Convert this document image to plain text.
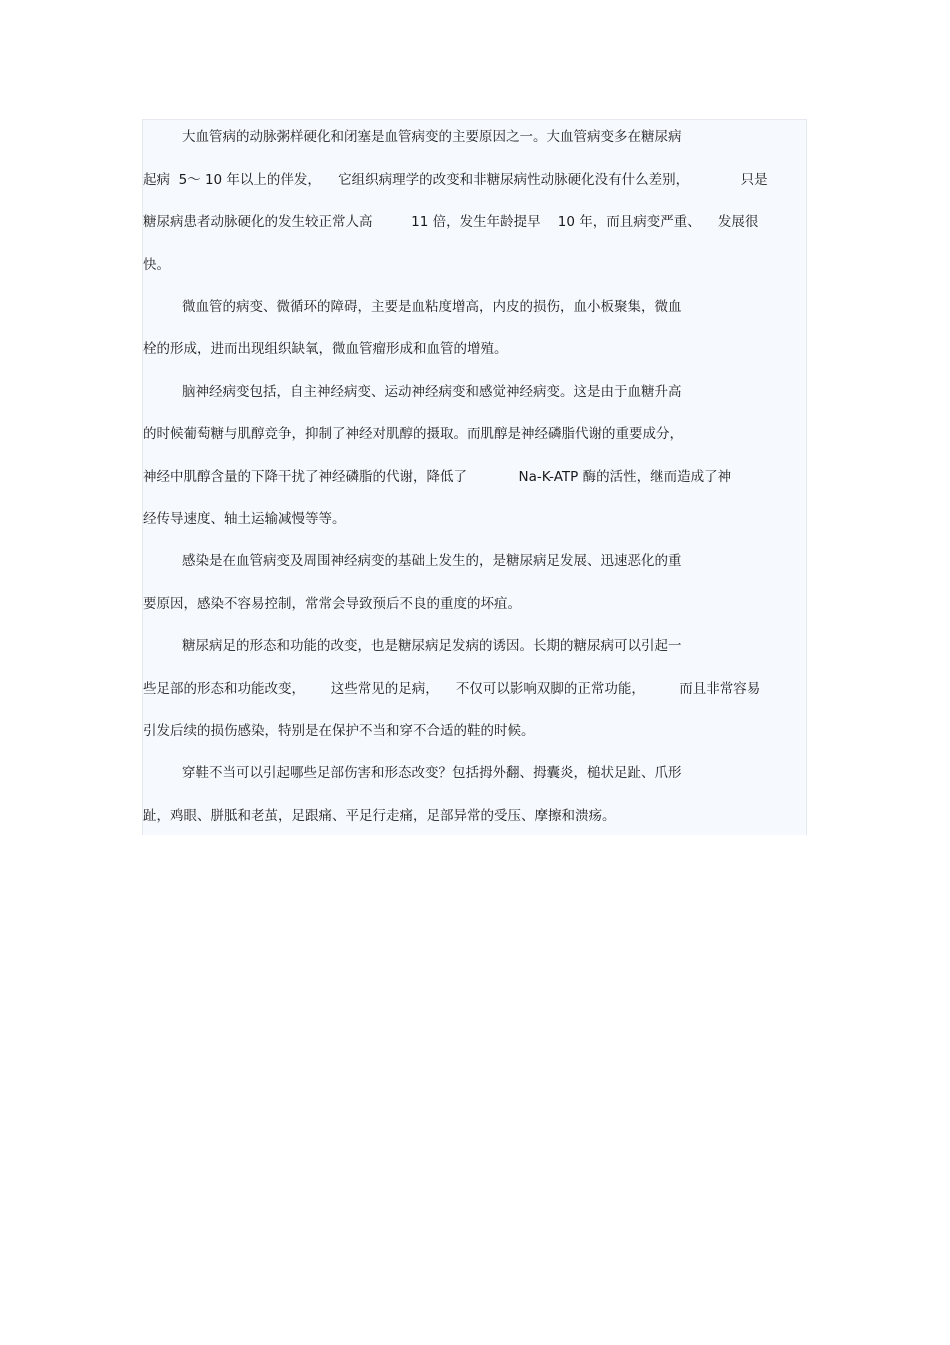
大血管病的动脉粥样硬化和闭塞是血管病变的主要原因之一。大血管病变多在糖尿病
起病  5～ 10 年以上的伴发，    它组织病理学的改变和非糖尿病性动脉硬化没有什么差别，            只是
糖尿病患者动脉硬化的发生较正常人高         11 倍，发生年龄提早    10 年，而且病变严重、    发展很
快。
微血管的病变、微循环的障碍，主要是血粘度增高，内皮的损伤，血小板聚集，微血
栓的形成，进而出现组织缺氧，微血管瘤形成和血管的增殖。
脑神经病变包括，自主神经病变、运动神经病变和感觉神经病变。这是由于血糖升高
的时候葡萄糖与肌醇竞争，抑制了神经对肌醇的摄取。而肌醇是神经磷脂代谢的重要成分，
神经中肌醇含量的下降干扰了神经磷脂的代谢，降低了            Na-K-ATP 酶的活性，继而造成了神
经传导速度、轴土运输减慢等等。
感染是在血管病变及周围神经病变的基础上发生的，是糖尿病足发展、迅速恶化的重
要原因，感染不容易控制，常常会导致预后不良的重度的坏疽。
糖尿病足的形态和功能的改变，也是糖尿病足发病的诱因。长期的糖尿病可以引起一
些足部的形态和功能改变，      这些常见的足病，    不仅可以影响双脚的正常功能，        而且非常容易
引发后续的损伤感染，特别是在保护不当和穿不合适的鞋的时候。
穿鞋不当可以引起哪些足部伤害和形态改变？包括拇外翻、拇囊炎，槌状足趾、爪形
趾，鸡眼、胼胝和老茧，足跟痛、平足行走痛，足部异常的受压、摩擦和溃疡。
